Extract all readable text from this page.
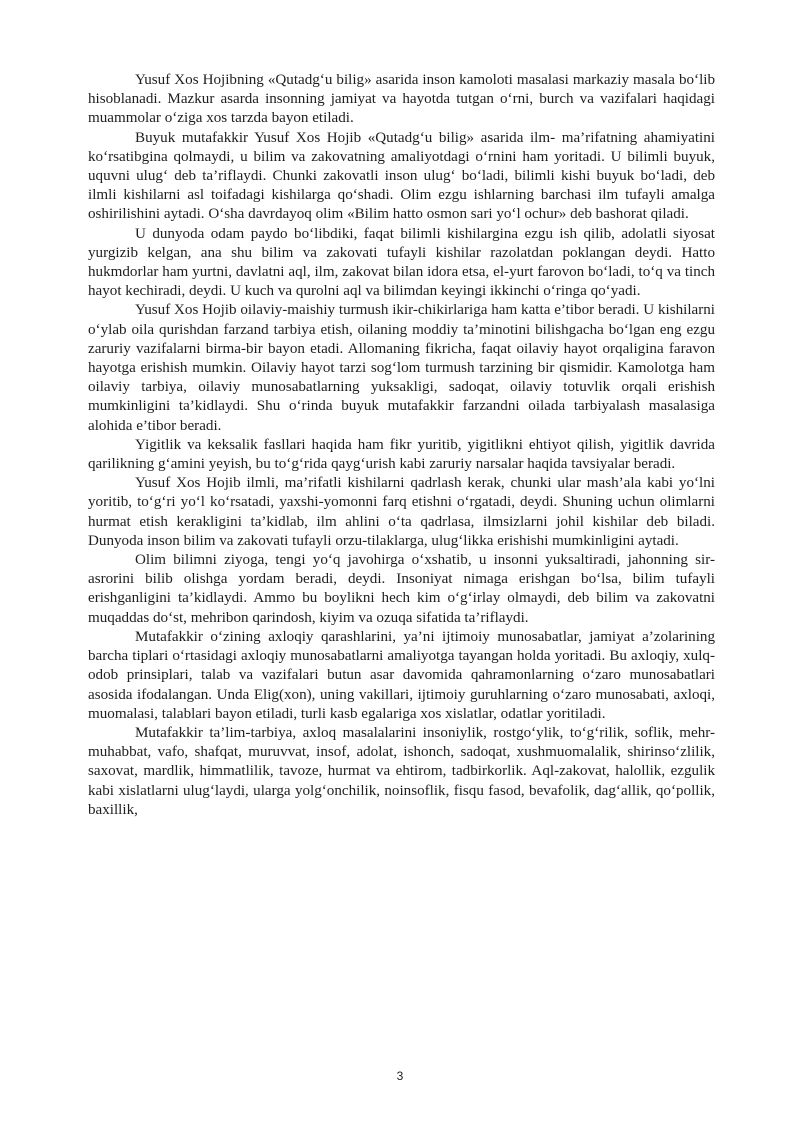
Yusuf Xos Hojibning «Qutadg‘u bilig» asarida inson kamoloti masalasi markaziy masala bo‘lib hisoblanadi. Mazkur asarda insonning jamiyat va hayotda tutgan o‘rni, burch va vazifalari haqidagi muammolar o‘ziga xos tarzda bayon etiladi.

Buyuk mutafakkir Yusuf Xos Hojib «Qutadg‘u bilig» asarida ilm- ma’rifatning ahamiyatini ko‘rsatibgina qolmaydi, u bilim va zakovatning amaliyotdagi o‘rnini ham yoritadi. U bilimli buyuk, uquvni ulug‘ deb ta’riflaydi. Chunki zakovatli inson ulug‘ bo‘ladi, bilimli kishi buyuk bo‘ladi, deb ilmli kishilarni asl toifadagi kishilarga qo‘shadi. Olim ezgu ishlarning barchasi ilm tufayli amalga oshirilishini aytadi. O‘sha davrdayoq olim «Bilim hatto osmon sari yo‘l ochur» deb bashorat qiladi.

U dunyoda odam paydo bo‘libdiki, faqat bilimli kishilargina ezgu ish qilib, adolatli siyosat yurgizib kelgan, ana shu bilim va zakovati tufayli kishilar razolatdan poklangan deydi. Hatto hukmdorlar ham yurtni, davlatni aql, ilm, zakovat bilan idora etsa, el-yurt farovon bo‘ladi, to‘q va tinch hayot kechiradi, deydi. U kuch va qurolni aql va bilimdan keyingi ikkinchi o‘ringa qo‘yadi.

Yusuf Xos Hojib oilaviy-maishiy turmush ikir-chikirlariga ham katta e’tibor beradi. U kishilarni o‘ylab oila qurishdan farzand tarbiya etish, oilaning moddiy ta’minotini bilishgacha bo‘lgan eng ezgu zaruriy vazifalarni birma-bir bayon etadi. Allomaning fikricha, faqat oilaviy hayot orqaligina faravon hayotga erishish mumkin. Oilaviy hayot tarzi sog‘lom turmush tarzining bir qismidir. Kamolotga ham oilaviy tarbiya, oilaviy munosabatlarning yuksakligi, sadoqat, oilaviy totuvlik orqali erishish mumkinligini ta’kidlaydi. Shu o‘rinda buyuk mutafakkir farzandni oilada tarbiyalash masalasiga alohida e’tibor beradi.

Yigitlik va keksalik fasllari haqida ham fikr yuritib, yigitlikni ehtiyot qilish, yigitlik davrida qarilikning g‘amini yeyish, bu to‘g‘rida qayg‘urish kabi zaruriy narsalar haqida tavsiyalar beradi.

Yusuf Xos Hojib ilmli, ma’rifatli kishilarni qadrlash kerak, chunki ular mash’ala kabi yo‘lni yoritib, to‘g‘ri yo‘l ko‘rsatadi, yaxshi-yomonni farq etishni o‘rgatadi, deydi. Shuning uchun olimlarni hurmat etish kerakligini ta’kidlab, ilm ahlini o‘ta qadrlasa, ilmsizlarni johil kishilar deb biladi. Dunyoda inson bilim va zakovati tufayli orzu-tilaklarga, ulug‘likka erishishi mumkinligini aytadi.

Olim bilimni ziyoga, tengi yo‘q javohirga o‘xshatib, u insonni yuksaltiradi, jahonning sir-asrorini bilib olishga yordam beradi, deydi. Insoniyat nimaga erishgan bo‘lsa, bilim tufayli erishganligini ta’kidlaydi. Ammo bu boylikni hech kim o‘g‘irlay olmaydi, deb bilim va zakovatni muqaddas do‘st, mehribon qarindosh, kiyim va ozuqa sifatida ta’riflaydi.

Mutafakkir o‘zining axloqiy qarashlarini, ya’ni ijtimoiy munosabatlar, jamiyat a’zolarining barcha tiplari o‘rtasidagi axloqiy munosabatlarni amaliyotga tayangan holda yoritadi. Bu axloqiy, xulq-odob prinsiplari, talab va vazifalari butun asar davomida qahramonlarning o‘zaro munosabatlari asosida ifodalangan. Unda Elig(xon), uning vakillari, ijtimoiy guruhlarning o‘zaro munosabati, axloqi, muomalasi, talablari bayon etiladi, turli kasb egalariga xos xislatlar, odatlar yoritiladi.

Mutafakkir ta’lim-tarbiya, axloq masalalarini insoniylik, rostgo‘ylik, to‘g‘rilik, soflik, mehr-muhabbat, vafo, shafqat, muruvvat, insof, adolat, ishonch, sadoqat, xushmuomalalik, shirinso‘zlilik, saxovat, mardlik, himmatlilik, tavoze, hurmat va ehtirom, tadbirkorlik. Aql-zakovat, halollik, ezgulik kabi xislatlarni ulug‘laydi, ularga yolg‘onchilik, noinsoflik, fisqu fasod, bevafolik, dag‘allik, qo‘pollik, baxillik,

3
